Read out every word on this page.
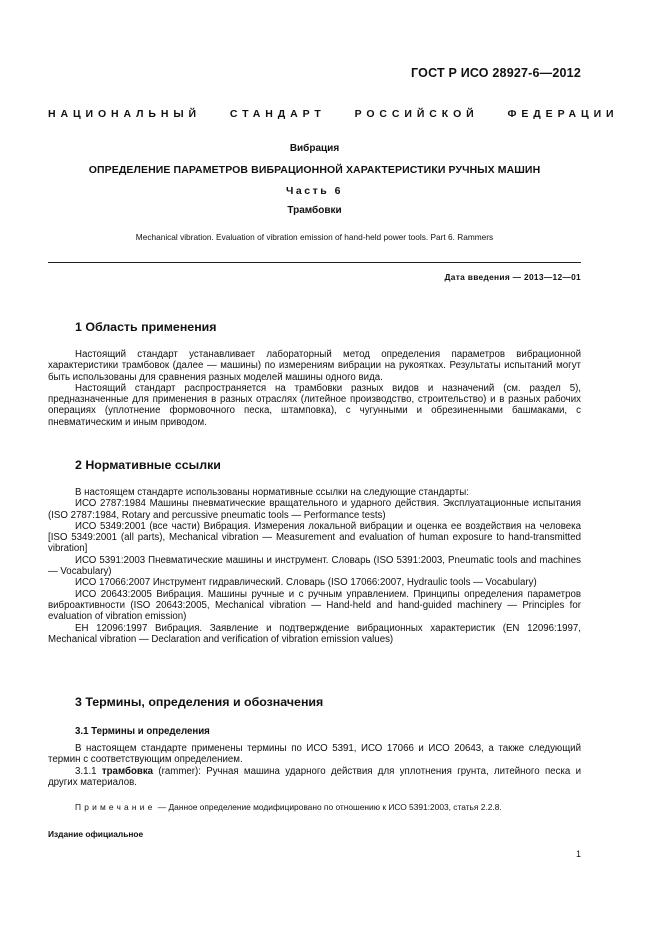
ГОСТ Р ИСО 28927-6—2012
НАЦИОНАЛЬНЫЙ	СТАНДАРТ	РОССИЙСКОЙ	ФЕДЕРАЦИИ
Вибрация
ОПРЕДЕЛЕНИЕ ПАРАМЕТРОВ ВИБРАЦИОННОЙ ХАРАКТЕРИСТИКИ РУЧНЫХ МАШИН
Часть 6
Трамбовки
Mechanical vibration. Evaluation of vibration emission of hand-held power tools. Part 6. Rammers
Дата введения — 2013—12—01
1 Область применения

Настоящий стандарт устанавливает лабораторный метод определения параметров вибрационной характеристики трамбовок (далее — машины) по измерениям вибрации на рукоятках. Результаты испытаний могут быть использованы для сравнения разных моделей машины одного вида.

Настоящий стандарт распространяется на трамбовки разных видов и назначений (см. раздел 5), предназначенные для применения в разных отраслях (литейное производство, строительство) и в разных рабочих операциях (уплотнение формовочного песка, штамповка), с чугунными и обрезиненными башмаками, с пневматическим и иным приводом.

2 Нормативные ссылки

В настоящем стандарте использованы нормативные ссылки на следующие стандарты:

ИСО 2787:1984 Машины пневматические вращательного и ударного действия. Эксплуатационные испытания (ISO 2787:1984, Rotary and percussive pneumatic tools — Performance tests)

ИСО 5349:2001 (все части) Вибрация. Измерения локальной вибрации и оценка ее воздействия на человека [ISO 5349:2001 (all parts), Mechanical vibration — Measurement and evaluation of human exposure to hand-transmitted vibration]

ИСО 5391:2003 Пневматические машины и инструмент. Словарь (ISO 5391:2003, Pneumatic tools and machines — Vocabulary)

ИСО 17066:2007 Инструмент гидравлический. Словарь (ISO 17066:2007, Hydraulic tools — Vocabulary)

ИСО 20643:2005 Вибрация. Машины ручные и с ручным управлением. Принципы определения параметров виброактивности (ISO 20643:2005, Mechanical vibration — Hand-held and hand-guided machinery — Principles for evaluation of vibration emission)

ЕН 12096:1997 Вибрация. Заявление и подтверждение вибрационных характеристик (EN 12096:1997, Mechanical vibration — Declaration and verification of vibration emission values)

3 Термины, определения и обозначения
3.1 Термины и определения

В настоящем стандарте применены термины по ИСО 5391, ИСО 17066 и ИСО 20643, а также следующий термин с соответствующим определением.

3.1.1 трамбовка (rammer): Ручная машина ударного действия для уплотнения грунта, литейного песка и других материалов.

Примечание — Данное определение модифицировано по отношению к ИСО 5391:2003, статья 2.2.8.
Издание официальное
1
